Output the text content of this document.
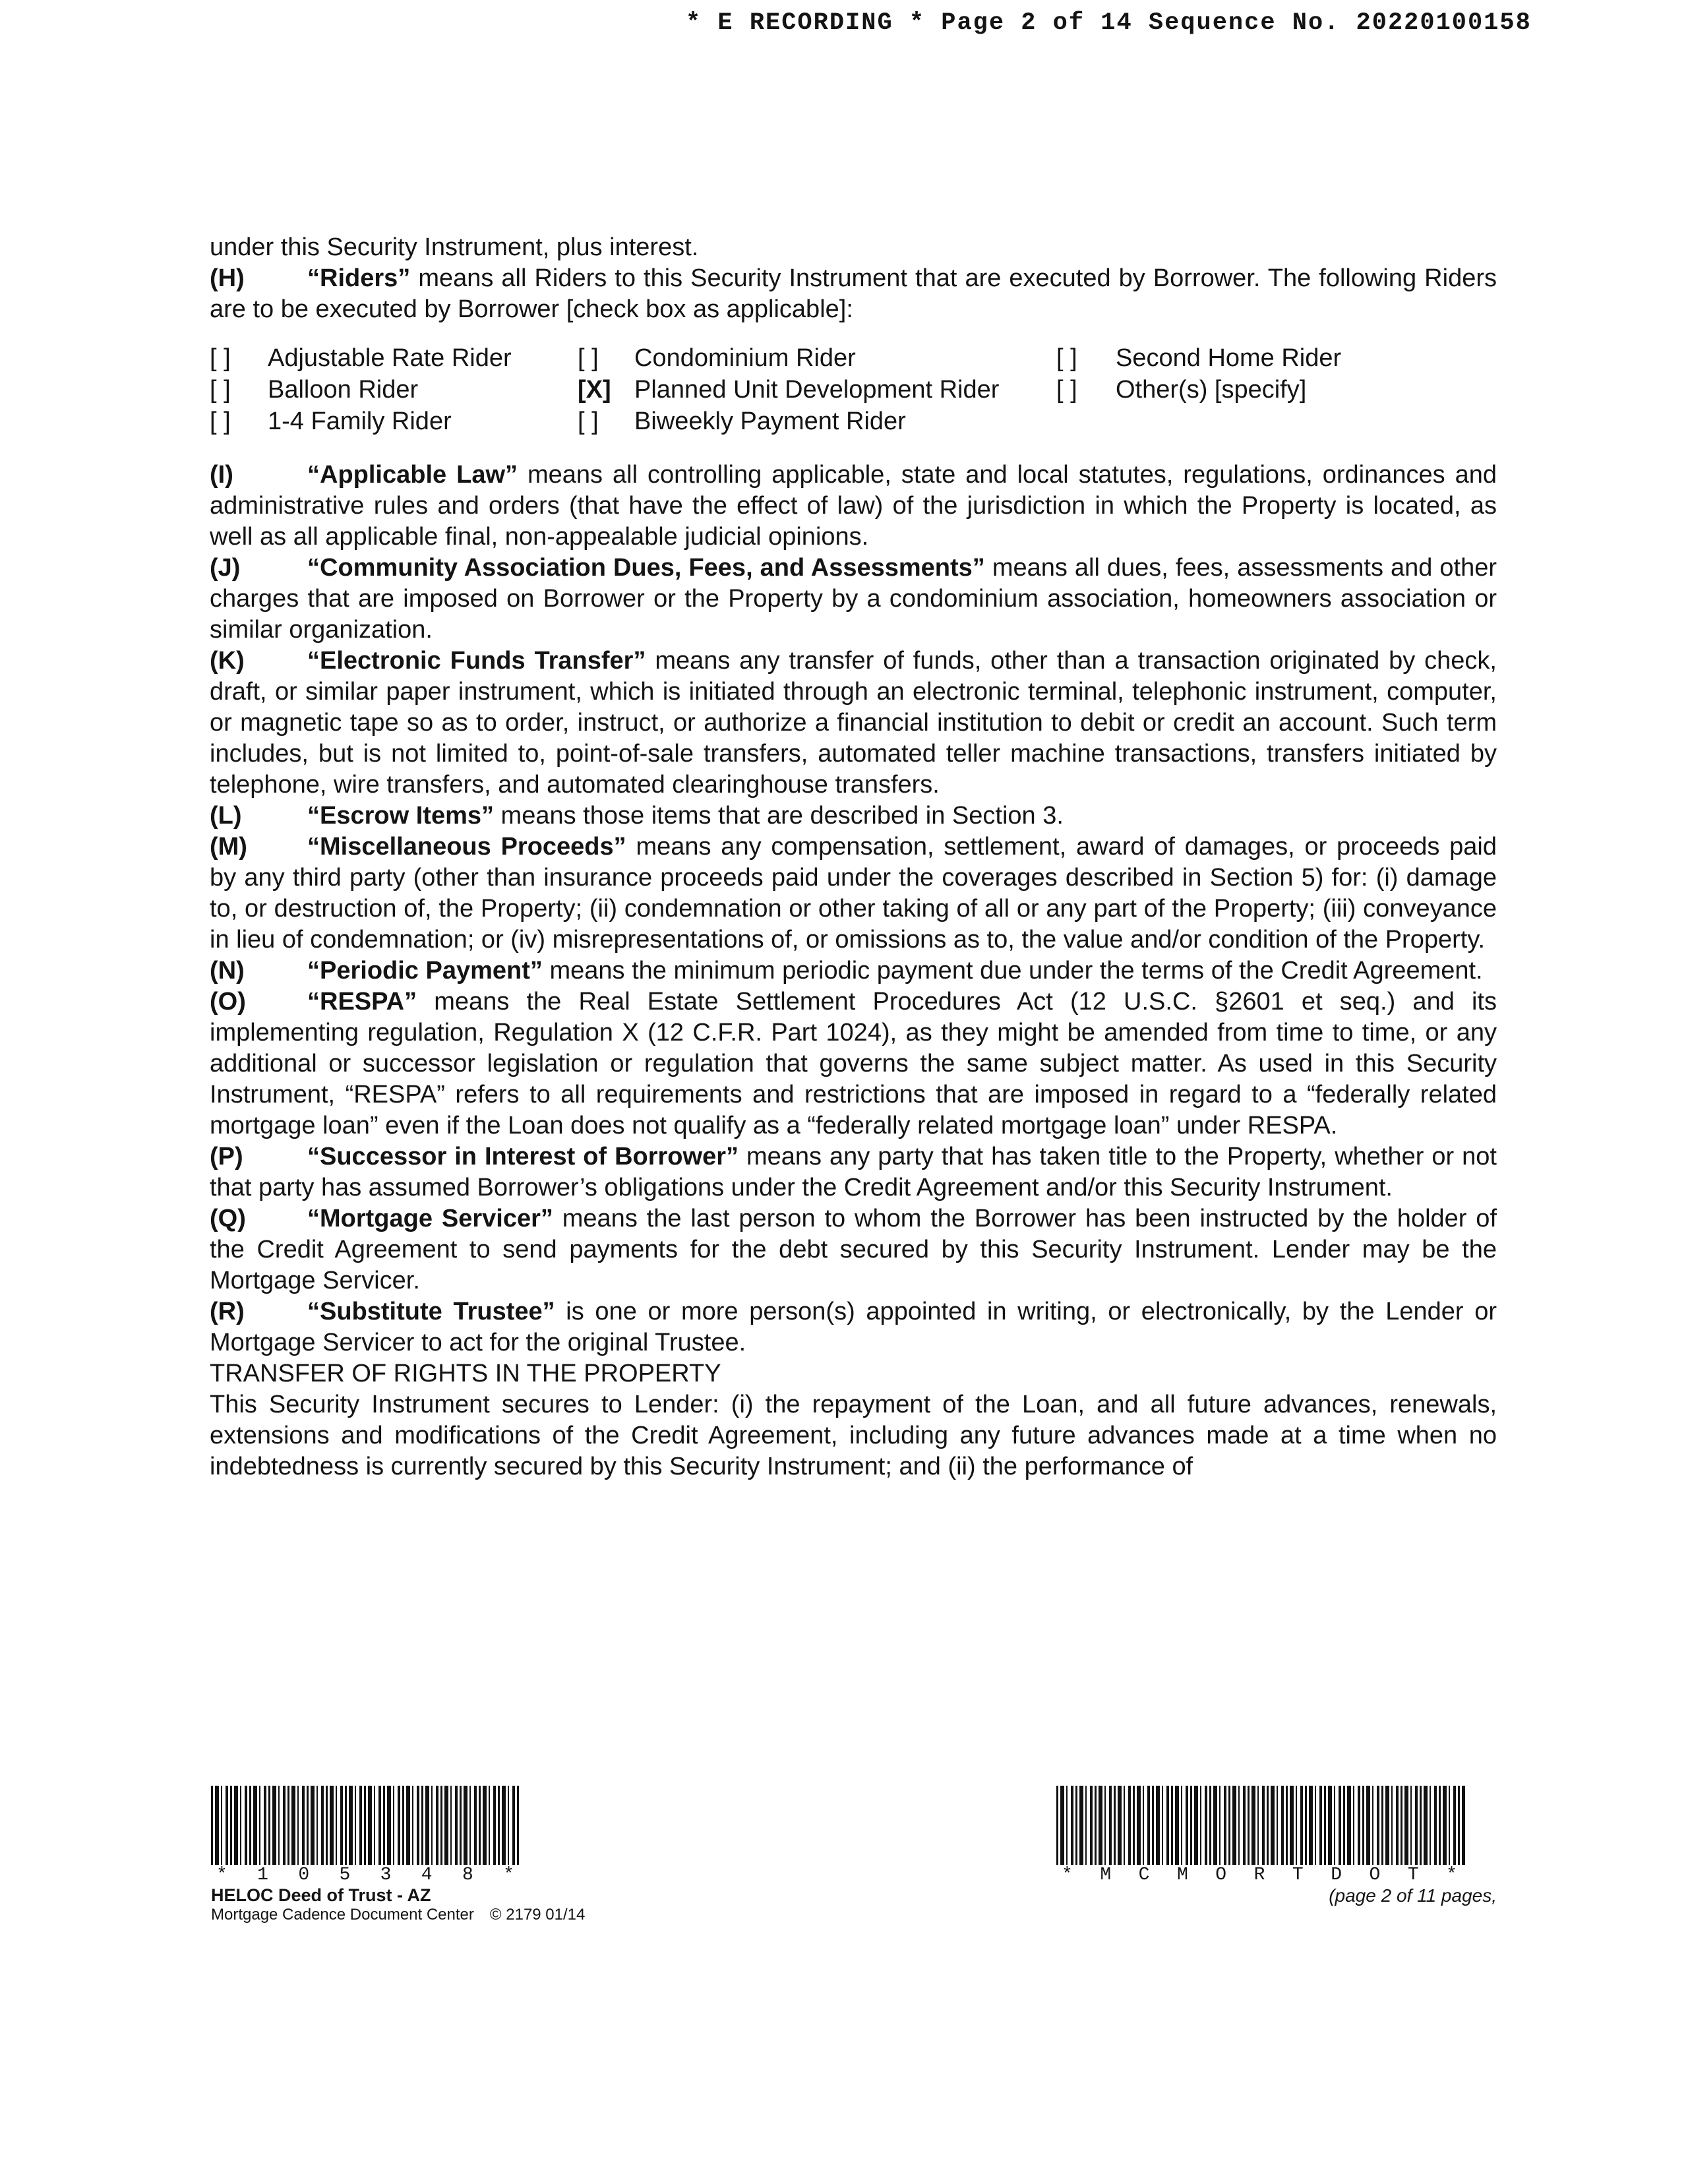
* E RECORDING * Page 2 of 14 Sequence No. 20220100158

under this Security Instrument, plus interest.

(H)	“Riders” means all Riders to this Security Instrument that are executed by Borrower. The following Riders are to be executed by Borrower [check box as applicable]:

[ ]	Adjustable Rate Rider	[ ]	Condominium Rider	[ ]	Second Home Rider
[ ]	Balloon Rider	[X] Planned Unit Development Rider	[ ]	Other(s) [specify]
[ ]	1-4 Family Rider	[ ]	Biweekly Payment Rider

(I)	“Applicable Law” means all controlling applicable, state and local statutes, regulations, ordinances and administrative rules and orders (that have the effect of law) of the jurisdiction in which the Property is located, as well as all applicable final, non-appealable judicial opinions.

(J)	“Community Association Dues, Fees, and Assessments” means all dues, fees, assessments and other charges that are imposed on Borrower or the Property by a condominium association, homeowners association or similar organization.

(K)	“Electronic Funds Transfer” means any transfer of funds, other than a transaction originated by check, draft, or similar paper instrument, which is initiated through an electronic terminal, telephonic instrument, computer, or magnetic tape so as to order, instruct, or authorize a financial institution to debit or credit an account. Such term includes, but is not limited to, point-of-sale transfers, automated teller machine transactions, transfers initiated by telephone, wire transfers, and automated clearinghouse transfers.

(L)	“Escrow Items” means those items that are described in Section 3.

(M) “Miscellaneous Proceeds” means any compensation, settlement, award of damages, or proceeds paid by any third party (other than insurance proceeds paid under the coverages described in Section 5) for: (i) damage to, or destruction of, the Property; (ii) condemnation or other taking of all or any part of the Property; (iii) conveyance in lieu of condemnation; or (iv) misrepresentations of, or omissions as to, the value and/or condition of the Property.

(N)	“Periodic Payment” means the minimum periodic payment due under the terms of the Credit Agreement.

(O) “RESPA” means the Real Estate Settlement Procedures Act (12 U.S.C. §2601 et seq.) and its implementing regulation, Regulation X (12 C.F.R. Part 1024), as they might be amended from time to time, or any additional or successor legislation or regulation that governs the same subject matter. As used in this Security Instrument, “RESPA” refers to all requirements and restrictions that are imposed in regard to a “federally related mortgage loan” even if the Loan does not qualify as a “federally related mortgage loan” under RESPA.

(P)	“Successor in Interest of Borrower” means any party that has taken title to the Property, whether or not that party has assumed Borrower’s obligations under the Credit Agreement and/or this Security Instrument.

(Q) “Mortgage Servicer” means the last person to whom the Borrower has been instructed by the holder of the Credit Agreement to send payments for the debt secured by this Security Instrument. Lender may be the Mortgage Servicer.

(R)	“Substitute Trustee” is one or more person(s) appointed in writing, or electronically, by the Lender or Mortgage Servicer to act for the original Trustee.

TRANSFER OF RIGHTS IN THE PROPERTY

This Security Instrument secures to Lender: (i) the repayment of the Loan, and all future advances, renewals, extensions and modifications of the Credit Agreement, including any future advances made at a time when no indebtedness is currently secured by this Security Instrument; and (ii) the performance of

* 1 0 5 3 4 8 *
HELOC Deed of Trust - AZ
Mortgage Cadence Document Center © 2179 01/14
* M C M O R T D O T *
(page 2 of 11 pages,
